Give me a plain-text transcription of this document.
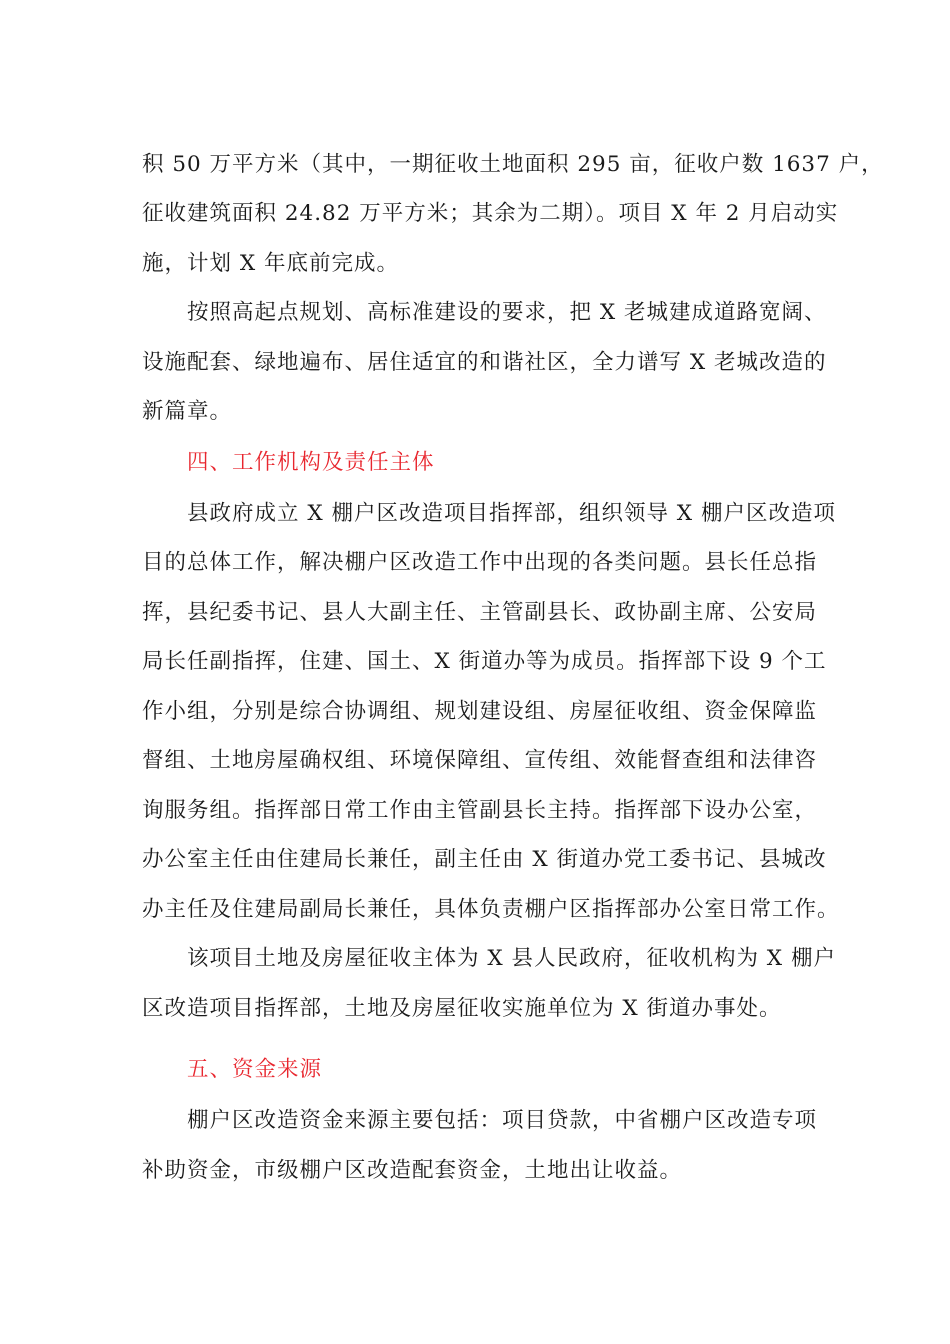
积 50 万平方米（其中，一期征收土地面积 295 亩，征收户数 1637 户，
征收建筑面积 24.82 万平方米；其余为二期）。项目 X 年 2 月启动实
施，计划 X 年底前完成。
按照高起点规划、高标准建设的要求，把 X 老城建成道路宽阔、
设施配套、绿地遍布、居住适宜的和谐社区，全力谱写 X 老城改造的
新篇章。
四、工作机构及责任主体
县政府成立 X 棚户区改造项目指挥部，组织领导 X 棚户区改造项
目的总体工作，解决棚户区改造工作中出现的各类问题。县长任总指
挥，县纪委书记、县人大副主任、主管副县长、政协副主席、公安局
局长任副指挥，住建、国土、X 街道办等为成员。指挥部下设 9 个工
作小组，分别是综合协调组、规划建设组、房屋征收组、资金保障监
督组、土地房屋确权组、环境保障组、宣传组、效能督查组和法律咨
询服务组。指挥部日常工作由主管副县长主持。指挥部下设办公室，
办公室主任由住建局长兼任，副主任由 X 街道办党工委书记、县城改
办主任及住建局副局长兼任，具体负责棚户区指挥部办公室日常工作。
该项目土地及房屋征收主体为 X 县人民政府，征收机构为 X 棚户
区改造项目指挥部，土地及房屋征收实施单位为 X 街道办事处。
五、资金来源
棚户区改造资金来源主要包括：项目贷款，中省棚户区改造专项
补助资金，市级棚户区改造配套资金，土地出让收益。
